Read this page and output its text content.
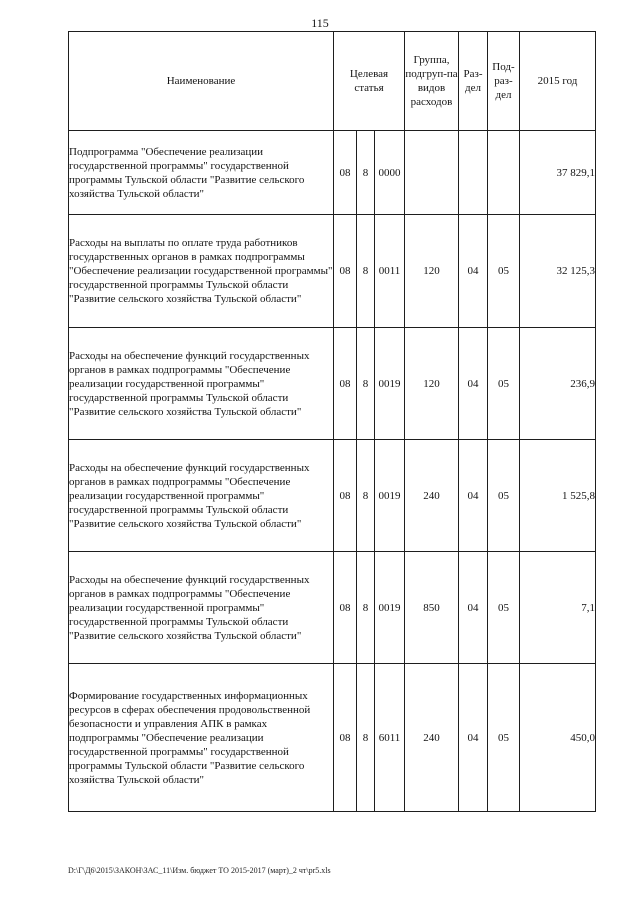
115
Наименование	Целевая статья			Группа, подгруп-па видов расходов	Раз-дел	Под-раз-дел	2015 год
Подпрограмма "Обеспечение реализации государственной программы" государственной программы Тульской области "Развитие сельского хозяйства Тульской области"	08	8	0000				37 829,1
Расходы на выплаты по оплате труда работников государственных органов в рамках подпрограммы "Обеспечение реализации государственной программы" государственной программы Тульской области "Развитие сельского хозяйства Тульской области"	08	8	0011	120	04	05	32 125,3
Расходы на обеспечение функций государственных органов в рамках подпрограммы "Обеспечение реализации государственной программы" государственной программы Тульской области "Развитие сельского хозяйства Тульской области"	08	8	0019	120	04	05	236,9
Расходы на обеспечение функций государственных органов в рамках подпрограммы "Обеспечение реализации государственной программы" государственной программы Тульской области "Развитие сельского хозяйства Тульской области"	08	8	0019	240	04	05	1 525,8
Расходы на обеспечение функций государственных органов в рамках подпрограммы "Обеспечение реализации государственной программы" государственной программы Тульской области "Развитие сельского хозяйства Тульской области"	08	8	0019	850	04	05	7,1
Формирование государственных информационных ресурсов в сферах обеспечения продовольственной безопасности и управления АПК в рамках подпрограммы "Обеспечение реализации государственной программы" государственной программы Тульской области "Развитие сельского хозяйства Тульской области"	08	8	6011	240	04	05	450,0
D:\Г\Д6\2015\ЗАКОН\ЗАС_11\Изм. бюджет ТО 2015-2017 (март)_2 чт\pr5.xls
